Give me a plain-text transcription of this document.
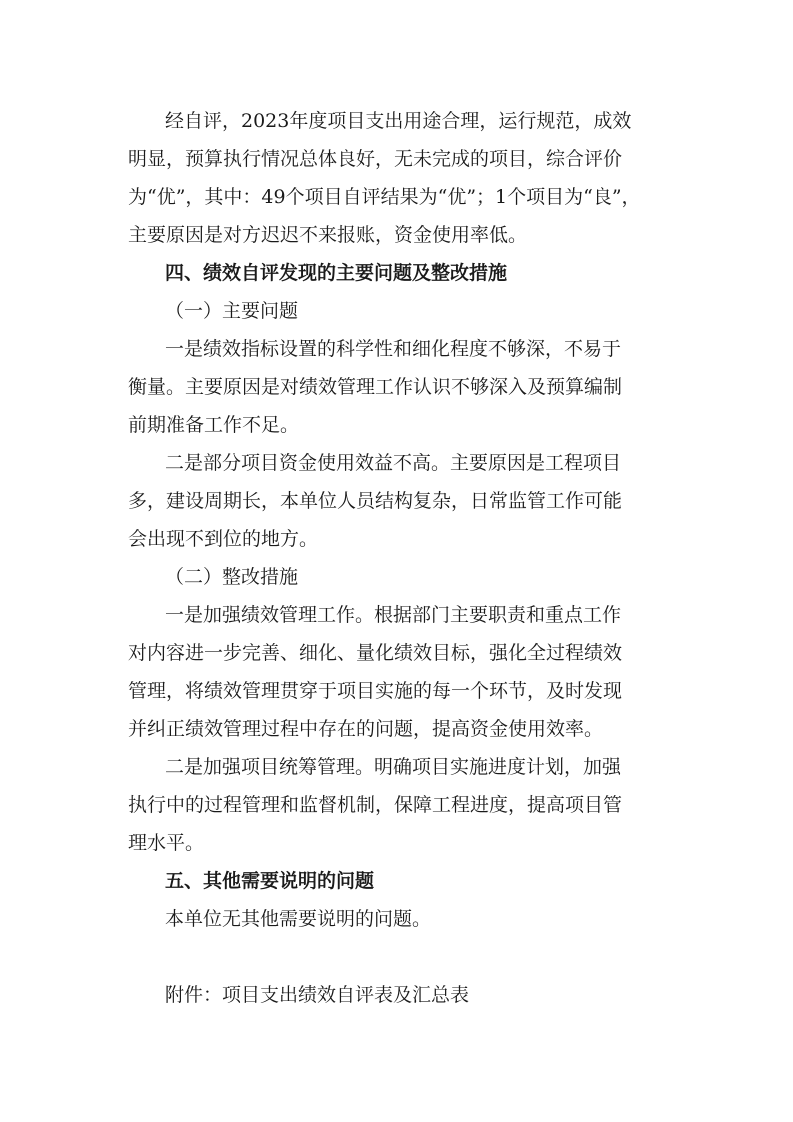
经自评，2023年度项目支出用途合理，运行规范，成效
明显，预算执行情况总体良好，无未完成的项目，综合评价
为“优”，其中：49个项目自评结果为“优”；1个项目为“良”，
主要原因是对方迟迟不来报账，资金使用率低。
四、绩效自评发现的主要问题及整改措施
（一）主要问题
一是绩效指标设置的科学性和细化程度不够深，不易于
衡量。主要原因是对绩效管理工作认识不够深入及预算编制
前期准备工作不足。
二是部分项目资金使用效益不高。主要原因是工程项目
多，建设周期长，本单位人员结构复杂，日常监管工作可能
会出现不到位的地方。
（二）整改措施
一是加强绩效管理工作。根据部门主要职责和重点工作
对内容进一步完善、细化、量化绩效目标，强化全过程绩效
管理，将绩效管理贯穿于项目实施的每一个环节，及时发现
并纠正绩效管理过程中存在的问题，提高资金使用效率。
二是加强项目统筹管理。明确项目实施进度计划，加强
执行中的过程管理和监督机制，保障工程进度，提高项目管
理水平。
五、其他需要说明的问题
本单位无其他需要说明的问题。
附件：项目支出绩效自评表及汇总表
